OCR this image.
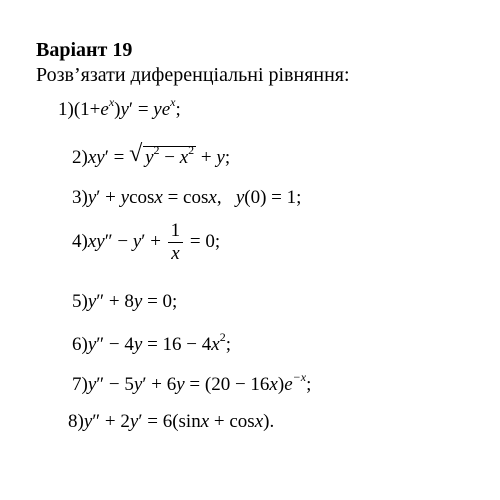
Варіант 19
Розв’язати диференціальні рівняння:
$1)(1+e^x)y' = ye^x$;
2)xy′ = √ $y^2 - x^2 + y$;
3)y′ + ycosx = cosx,   y(0) = 1;
$4)xy'' - y' + \frac{1}{x} = 0$;
5)y″ + 8y = 0;
$6)y'' - 4y = 16 - 4x^2$;
$7)y'' - 5y' + 6y = (20 - 16x)e^{-x}$;
8)y″ + 2y′ = 6(sinx + cosx).
